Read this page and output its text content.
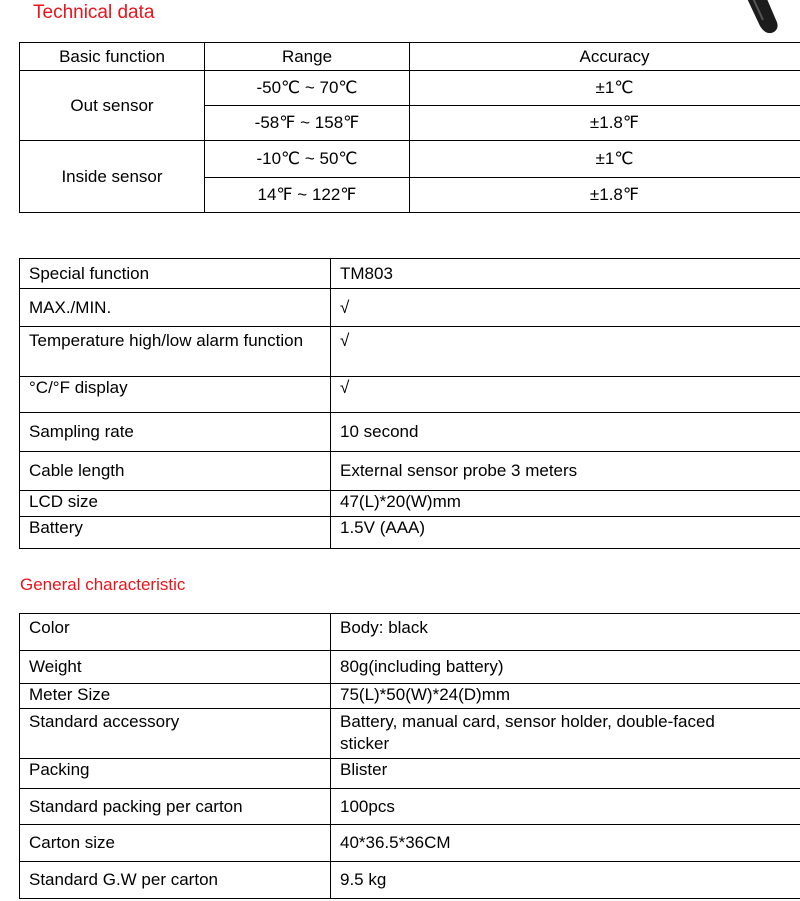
Technical data
Basic function	Range	Accuracy
Out sensor	-50℃ ~ 70℃	±1℃
	-58℉ ~ 158℉	±1.8℉
Inside sensor	-10℃ ~ 50℃	±1℃
	14℉ ~ 122℉	±1.8℉
Special function	TM803
MAX./MIN.	√
Temperature high/low alarm function	√
°C/°F display	√
Sampling rate	10 second
Cable length	External sensor probe 3 meters
LCD size	47(L)*20(W)mm
Battery	1.5V (AAA)
General characteristic
Color	Body: black
Weight	80g(including battery)
Meter Size	75(L)*50(W)*24(D)mm
Standard accessory	Battery, manual card, sensor holder, double-faced sticker
Packing	Blister
Standard packing per carton	100pcs
Carton size	40*36.5*36CM
Standard G.W per carton	9.5 kg
